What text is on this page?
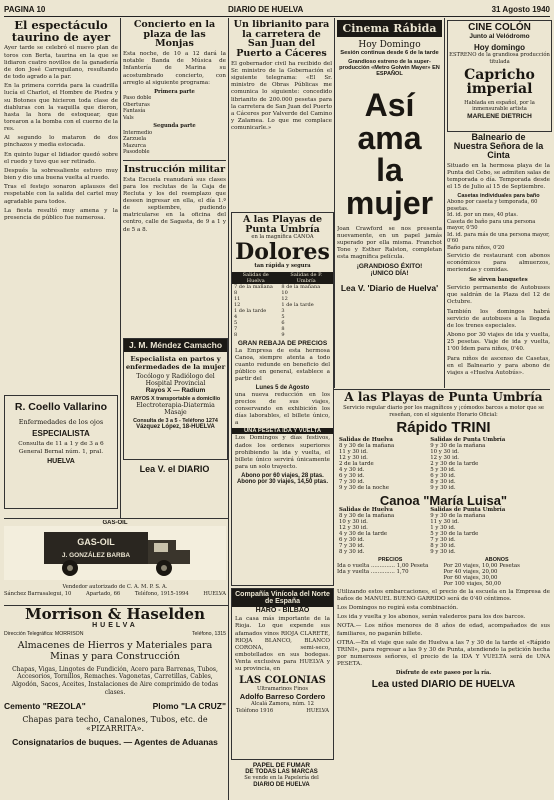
PAGINA 10	DIARIO DE HUELVA	31 Agosto 1940
El espectáculo taurino de ayer

Ayer tarde se celebró el nuevo plan de toros con Berta, taurina en la que se lidiaron cuatro novillos de la ganadería de don José Carreguilano, resultando de todo agrado a la par.

En la primera corrida para la cuadrilla lucía el Charlot, el Hombre de Piedra y su Botones que hicieron toda clase de diabluras con la vaquilla que dieron, hasta la hora de estoquear, que torearon a la bomba con el cuerno de la res.

Al segundo lo mataron de dos pinchazos y media estocada.

En quinto lugar el lidiador quedó sobre el ruedo y tuvo que ser retirado.

Después la sobresaliente estuvo muy bien y dio una buena vuelta al ruedo.

Tras el festejo sonaron aplausos del respetable con la salida del cartel muy agradable para todos.

La fiesta resultó muy amena y la presencia de público fue numerosa.

R. Coello Vallarino
Enfermedades de los ojos
ESPECIALISTA
Consulta de 11 a 1 y de 3 a 6
General Bernal núm. 1, pral.
HUELVA
Concierto en la plaza de las Monjas

Esta noche, de 10 a 12 dará la notable Banda de Música de Infantería de Marina su acostumbrado concierto, con arreglo al siguiente programa:

Primera parte
Paso doble
Oberturas
Fantasía
Vals
Segunda parte
Intermedio
Zarzuela
Mazurca
Pasodoble
Instrucción militar

Esta Escuela reanudará sus clases para los reclutas de la Caja de Recluta y los del reemplazo que deseen ingresar en ella, el día 1.º de septiembre, pudiendo matricularse en la oficina del centro, calle de Sagasta, de 9 a 1 y de 5 a 8.

J. M. Méndez Camacho
Especialista en partos y enfermedades de la mujer
Tocólogo y Radiólogo del Hospital Provincial
Rayos X — Radium
RAYOS X transportable a domicilio
Electroterapia-Diatermia
Masaje
Consulta de 3 a 5 - Teléfono 1274
Vázquez López, 18-HUELVA
Lea V. el DIARIO
GAS-OIL
GAS-OIL
J. GONZÁLEZ BARBA
Vendedor autorizado de C. A. M. P. S. A.
Sánchez Barrasalegui, 10	Apartado, 66	Teléfono, 1915-1994	HUELVA
Morrison & Haselden
HUELVA
Dirección Telegráfica: MORRISON	Teléfono, 1315
Almacenes de Hierros y Materiales para Minas y para Construcción
Chapas, Vigas, Lingotes de Fundición, Acero para Barrenas, Tubos, Accesorios, Tornillos, Remaches. Vagonetas, Carretillas, Cables, Algodón, Sacos, Aceites, Instalaciones de Aire comprimido de todas clases.
Cemento "REZOLA"	Plomo "LA CRUZ"
Chapas para techo, Canalones, Tubos, etc. de «PIZARRITA».
Consignatarios de buques. — Agentes de Aduanas
Un librianito para la carretera de San Juan del Puerto a Cáceres

El gobernador civil ha recibido del Sr. ministro de la Gobernación el siguiente telegrama: «El Sr. ministro de Obras Públicas me comunica lo siguiente: concedido librianito de 200.000 pesetas para la carretera de San Juan del Puerto a Cáceres por Valverde del Camino y Zalamea. Lo que me complace comunicarle.»

A las Playas de Punta Umbría
en la magnífica CANOA
Dolores
tan rápida y segura
Salidas de Huelva	Salidas de P. Umbría
7 de la mañana	8 de la mañana
8	10
11	12
12	1 de la tarde
1 de la tarde	3
4	5
5	6
7	8
8	9
GRAN REBAJA DE PRECIOS

La Empresa de esta hermosa Canoa, siempre atenta a todo cuanto redunde en beneficio del público en general, establece a partir del

Lunes 5 de Agosto

una nueva reducción en los precios de sus viajes, conservando en exhibición los días laborables, el billete único, a

UNA PESETA IDA Y VUELTA

Los Domingos y días festivos, dados los ordenes superiores prohibiendo la ida y vuelta, el billete único servirá únicamente para un solo trayecto.

Abono por 60 viajes, 28 ptas.
Abono por 30 viajes, 14,50 ptas.
Compañía Vinícola del Norte de España
HARO - BILBAO

La casa más importante de la Rioja. Lo que expende sus afamados vinos RIOJA CLARETE, RIOJA BLANCO, BLANCO CORONA, semi-seco, embotellados en sus bodegas. Venta exclusiva para HUELVA y su provincia, en

LAS COLONIAS
Ultramarinos Finos
Adolfo Barreso Cordero
Alcalá Zamora, núm. 12
Teléfono 1916	HUELVA
PAPEL DE FUMAR
DE TODAS LAS MARCAS
Se vende en la Papelería del
DIARIO DE HUELVA
Cinema Rábida
Hoy Domingo
Sesión continua desde 6 de la tarde
Grandioso estreno de la super-producción «Metro Golwin Mayer» EN ESPAÑOL
Así
ama
la
mujer

Joan Crawford se nos presenta nuevamente, en un papel jamás superado por ella misma. Franchot Tone y Esther Ralston, completan esta magnífica película.

¡GRANDIOSO ÉXITO!
¡UNICO DÍA!
Lea V. 'Diario de Huelva'
CINE COLÓN
Junto al Velódromo
Hoy domingo
ESTRENO de la grandiosa producción titulada
Capricho imperial
Hablada en español, por la inmensurable artista
MARLENE DIETRICH
Balneario de
Nuestra Señora de la Cinta

Situado en la hermosa playa de la Punta del Cebo, se admiten salas de temporada o día. Temporada desde el 15 de Julio al 15 de Septiembre.

Casetas individuales para baño
Abono por caseta y temporada, 60 pesetas.
Id. id. por un mes, 40 ptas.
Caseta de baño para una persona mayor, 0'50
Id. id. para más de una persona mayor, 0'60
Baño para niños, 0'20

Servicio de restaurant con abonos económicos para almuerzos, meriendas y comidas.

Se sirven banquetes

Servicio permanente de Autobuses que saldrán de la Plaza del 12 de Octubre.

También los domingos habrá servicio de autobuses a la llegada de los trenes especiales.

Abono por 30 viajes de ida y vuelta, 25 pesetas. Viaje de ida y vuelta, 1'00 Ídem para niños, 0'40.

Para niños de ascenso de Casetas, en el Balneario y para abono de viajes a «Huelva Autobús».

A las Playas de Punta Umbría
Servicio regular diario por los magníficos y ¡cómodos barcos a motor que se reseñan, con el siguiente Horario Oficial:
Rápido TRINI
Salidas de Huelva	Salidas de Punta Umbría
8 y 30 de la mañana	9 y 30 de la mañana
11 y 30 id.	10 y 30 id.
12 y 30 id.	12 y 30 id.
2 de la tarde	2 y 30 de la tarde
4 y 30 id.	5 y 30 id.
6 y 30 id.	6 y 30 id.
7 y 30 id.	8 y 30 id.
9 y 30 de la noche	9 y 30 id.
Canoa "María Luisa"
Salidas de Huelva	Salidas de Punta Umbría
8 y 30 de la mañana	9 y 30 de la mañana
10 y 30 id.	11 y 30 id.
12 y 30 id.	1 y 30 id.
4 y 30 de la tarde	5 y 30 de la tarde
6 y 30 id.	7 y 30 id.
7 y 30 id.	8 y 30 id.
8 y 30 id.	9 y 30 id.
PRECIOS
Ida o vuelta .............. 1,00 Peseta
Ida y vuelta .............. 1,70
ABONOS
Por 20 viajes, 10,00 Pesetas
Por 40 viajes, 20,00
Por 60 viajes, 30,00
Por 100 viajes, 50,00

Utilizando estos embarcaciones, el precio de la escuela en la Empresa de baños de MANUEL BUENO GARRIDO será de 0'40 céntimos.

Los Domingos no regirá esta combinación.

Los ida y vuelta y los abonos, serán valederos para los dos barcos.

NOTA.— Los niños menores de 8 años de edad, acompañados de sus familiares, no pagarán billete.

OTRA.—En el viaje que sale de Huelva a las 7 y 30 de la tarde el «Rápido TRINI», para regresar a las 9 y 30 de Punta, atendiendo la petición hecha por numerosos señores, el precio de la IDA Y VUELTA será de UNA PESETA.

Disfrute de este paseo por la ría.
Lea usted DIARIO DE HUELVA
